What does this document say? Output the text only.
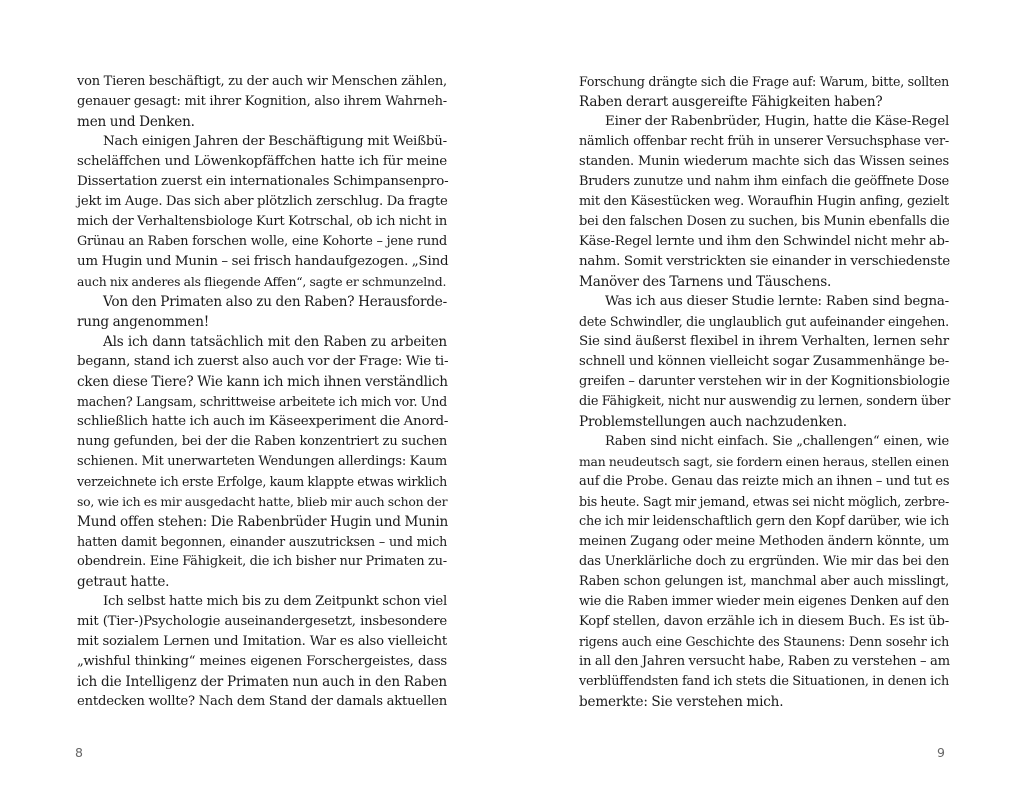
von Tieren beschäftigt, zu der auch wir Menschen zählen,
genauer gesagt: mit ihrer Kognition, also ihrem Wahrneh-
men und Denken.
Nach einigen Jahren der Beschäftigung mit Weißbü-
scheläffchen und Löwenkopfäffchen hatte ich für meine
Dissertation zuerst ein internationales Schimpansenpro-
jekt im Auge. Das sich aber plötzlich zerschlug. Da fragte
mich der Verhaltensbiologe Kurt Kotrschal, ob ich nicht in
Grünau an Raben forschen wolle, eine Kohorte – jene rund
um Hugin und Munin – sei frisch handaufgezogen. „Sind
auch nix anderes als fliegende Affen“, sagte er schmunzelnd.
Von den Primaten also zu den Raben? Herausforde-
rung angenommen!
Als ich dann tatsächlich mit den Raben zu arbeiten
begann, stand ich zuerst also auch vor der Frage: Wie ti-
cken diese Tiere? Wie kann ich mich ihnen verständlich
machen? Langsam, schrittweise arbeitete ich mich vor. Und
schließlich hatte ich auch im Käseexperiment die Anord-
nung gefunden, bei der die Raben konzentriert zu suchen
schienen. Mit unerwarteten Wendungen allerdings: Kaum
verzeichnete ich erste Erfolge, kaum klappte etwas wirklich
so, wie ich es mir ausgedacht hatte, blieb mir auch schon der
Mund offen stehen: Die Rabenbrüder Hugin und Munin
hatten damit begonnen, einander auszutricksen – und mich
obendrein. Eine Fähigkeit, die ich bisher nur Primaten zu-
getraut hatte.
Ich selbst hatte mich bis zu dem Zeitpunkt schon viel
mit (Tier-)Psychologie auseinandergesetzt, insbesondere
mit sozialem Lernen und Imitation. War es also vielleicht
„wishful thinking“ meines eigenen Forschergeistes, dass
ich die Intelligenz der Primaten nun auch in den Raben
entdecken wollte? Nach dem Stand der damals aktuellen
8
Forschung drängte sich die Frage auf: Warum, bitte, sollten
Raben derart ausgereifte Fähigkeiten haben?
Einer der Rabenbrüder, Hugin, hatte die Käse-Regel
nämlich offenbar recht früh in unserer Versuchsphase ver-
standen. Munin wiederum machte sich das Wissen seines
Bruders zunutze und nahm ihm einfach die geöffnete Dose
mit den Käsestücken weg. Woraufhin Hugin anfing, gezielt
bei den falschen Dosen zu suchen, bis Munin ebenfalls die
Käse-Regel lernte und ihm den Schwindel nicht mehr ab-
nahm. Somit verstrickten sie einander in verschiedenste
Manöver des Tarnens und Täuschens.
Was ich aus dieser Studie lernte: Raben sind begna-
dete Schwindler, die unglaublich gut aufeinander eingehen.
Sie sind äußerst flexibel in ihrem Verhalten, lernen sehr
schnell und können vielleicht sogar Zusammenhänge be-
greifen – darunter verstehen wir in der Kognitionsbiologie
die Fähigkeit, nicht nur auswendig zu lernen, sondern über
Problemstellungen auch nachzudenken.
Raben sind nicht einfach. Sie „challengen“ einen, wie
man neudeutsch sagt, sie fordern einen heraus, stellen einen
auf die Probe. Genau das reizte mich an ihnen – und tut es
bis heute. Sagt mir jemand, etwas sei nicht möglich, zerbre-
che ich mir leidenschaftlich gern den Kopf darüber, wie ich
meinen Zugang oder meine Methoden ändern könnte, um
das Unerklärliche doch zu ergründen. Wie mir das bei den
Raben schon gelungen ist, manchmal aber auch misslingt,
wie die Raben immer wieder mein eigenes Denken auf den
Kopf stellen, davon erzähle ich in diesem Buch. Es ist üb-
rigens auch eine Geschichte des Staunens: Denn sosehr ich
in all den Jahren versucht habe, Raben zu verstehen – am
verblüffendsten fand ich stets die Situationen, in denen ich
bemerkte: Sie verstehen mich.
9
